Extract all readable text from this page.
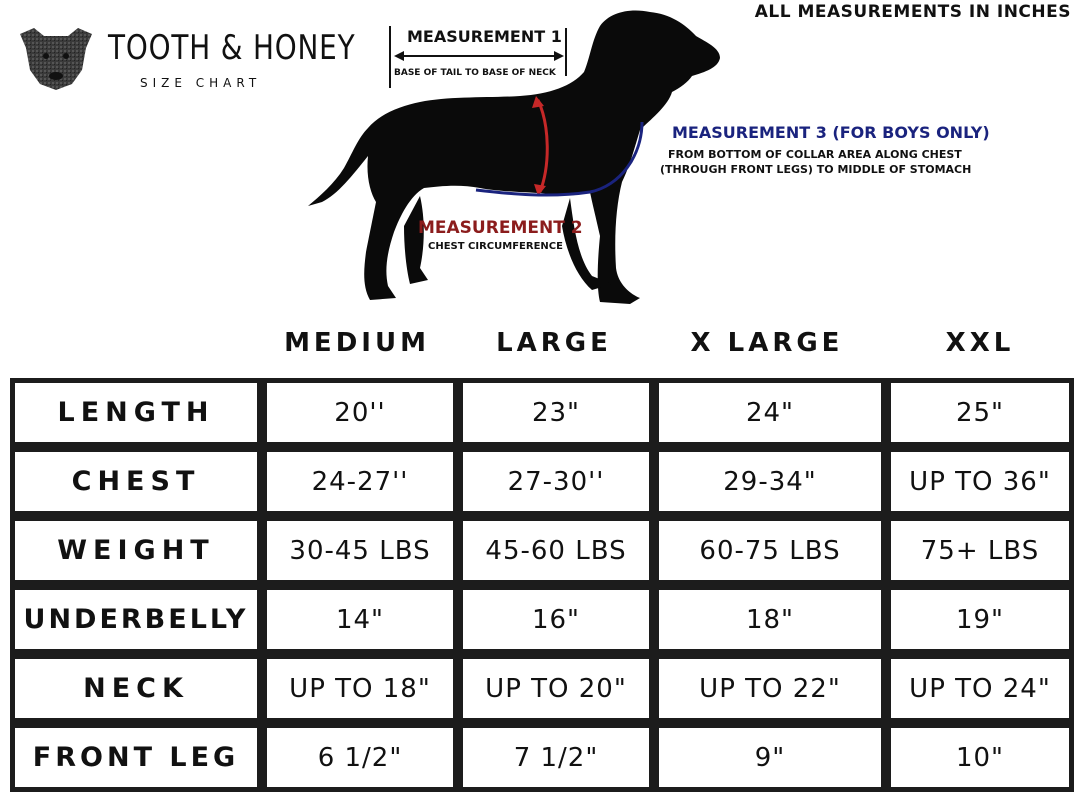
TOOTH & HONEY
SIZE CHART
ALL MEASUREMENTS IN INCHES
MEASUREMENT 1
BASE OF TAIL TO BASE OF NECK
MEASUREMENT 2
CHEST CIRCUMFERENCE
MEASUREMENT 3 (FOR BOYS ONLY)
FROM BOTTOM OF COLLAR AREA ALONG CHEST
(THROUGH FRONT LEGS) TO MIDDLE OF STOMACH
MEDIUM	LARGE	X LARGE	XXL
LENGTH	20''	23"	24"	25"
CHEST	24-27''	27-30''	29-34"	UP TO 36"
WEIGHT	30-45 LBS	45-60 LBS	60-75 LBS	75+ LBS
UNDERBELLY	14"	16"	18"	19"
NECK	UP TO 18"	UP TO 20"	UP TO 22"	UP TO 24"
FRONT LEG	6 1/2"	7 1/2"	9"	10"
